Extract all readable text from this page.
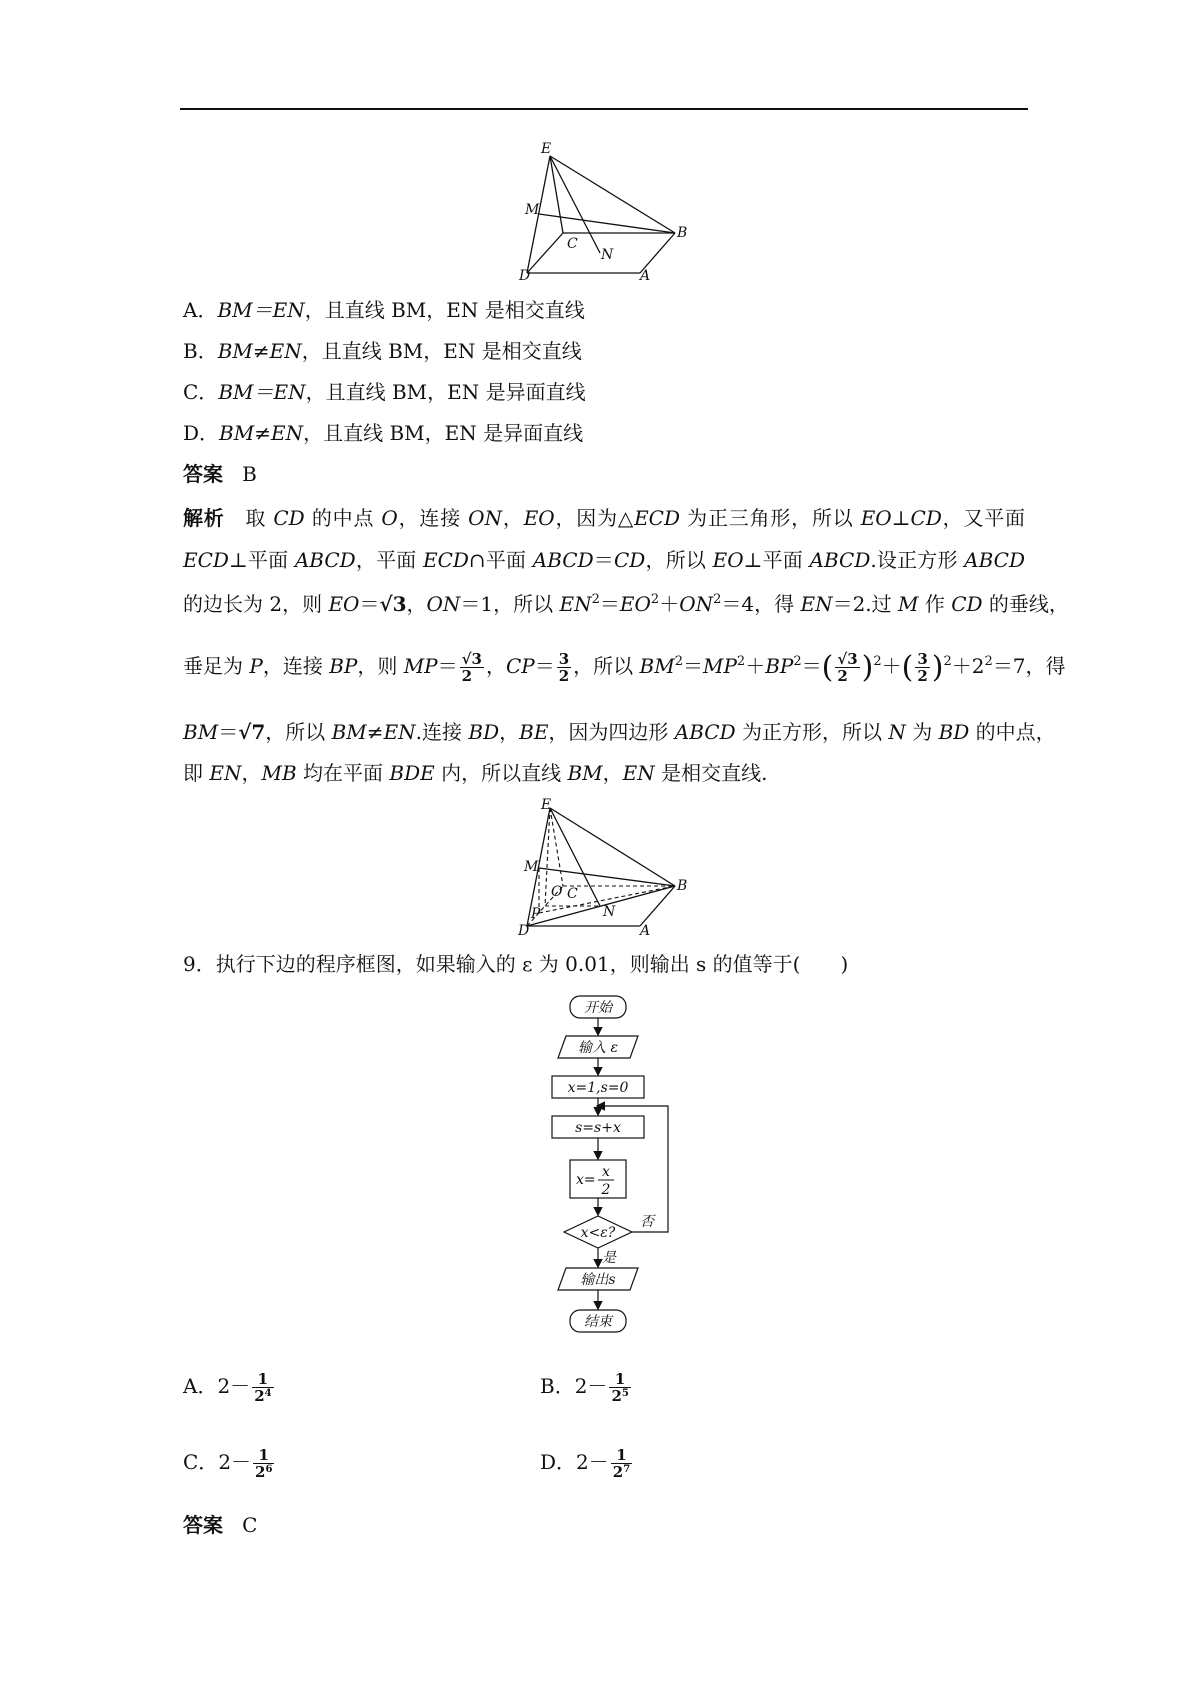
E
M
C
B
N
D	A
A．BM＝EN，且直线 BM，EN 是相交直线
B．BM≠EN，且直线 BM，EN 是相交直线
C．BM＝EN，且直线 BM，EN 是异面直线
D．BM≠EN，且直线 BM，EN 是异面直线
答案 B
解析　取 CD 的中点 O，连接 ON，EO，因为△ECD 为正三角形，所以 EO⊥CD，又平面
ECD⊥平面 ABCD，平面 ECD∩平面 ABCD＝CD，所以 EO⊥平面 ABCD.设正方形 ABCD
的边长为 2，则 EO＝√3，ON＝1，所以 $EN^2=EO^2+ON^2=4$，得 EN＝2.过 M 作 CD 的垂线，
垂足为 P，连接 BP，则 $MP= \frac{√3}{2}$ ，$CP= \frac{3}{2}$ ，所以 $BM^2=MP^2+BP^2=( \frac{√3}{2} )^2+( \frac{3}{2} )^2+2^2=7$，得
BM＝√7，所以 BM≠EN.连接 BD，BE，因为四边形 ABCD 为正方形，所以 N 为 BD 的中点，
即 EN，MB 均在平面 BDE 内，所以直线 BM，EN 是相交直线.
E
M
O C
P
B
N
D	A
9．执行下边的程序框图，如果输入的 ε 为 0.01，则输出 s 的值等于(　　)
开始
输入 ε
x=1,s=0
s=s+x
x= x
2
x<ε?
否
是
输出s
结束
A．$2- \frac{1}{2^4}$	B．$2- \frac{1}{2^5}$
C．$2- \frac{1}{2^6}$	D．$2- \frac{1}{2^7}$
答案 C
